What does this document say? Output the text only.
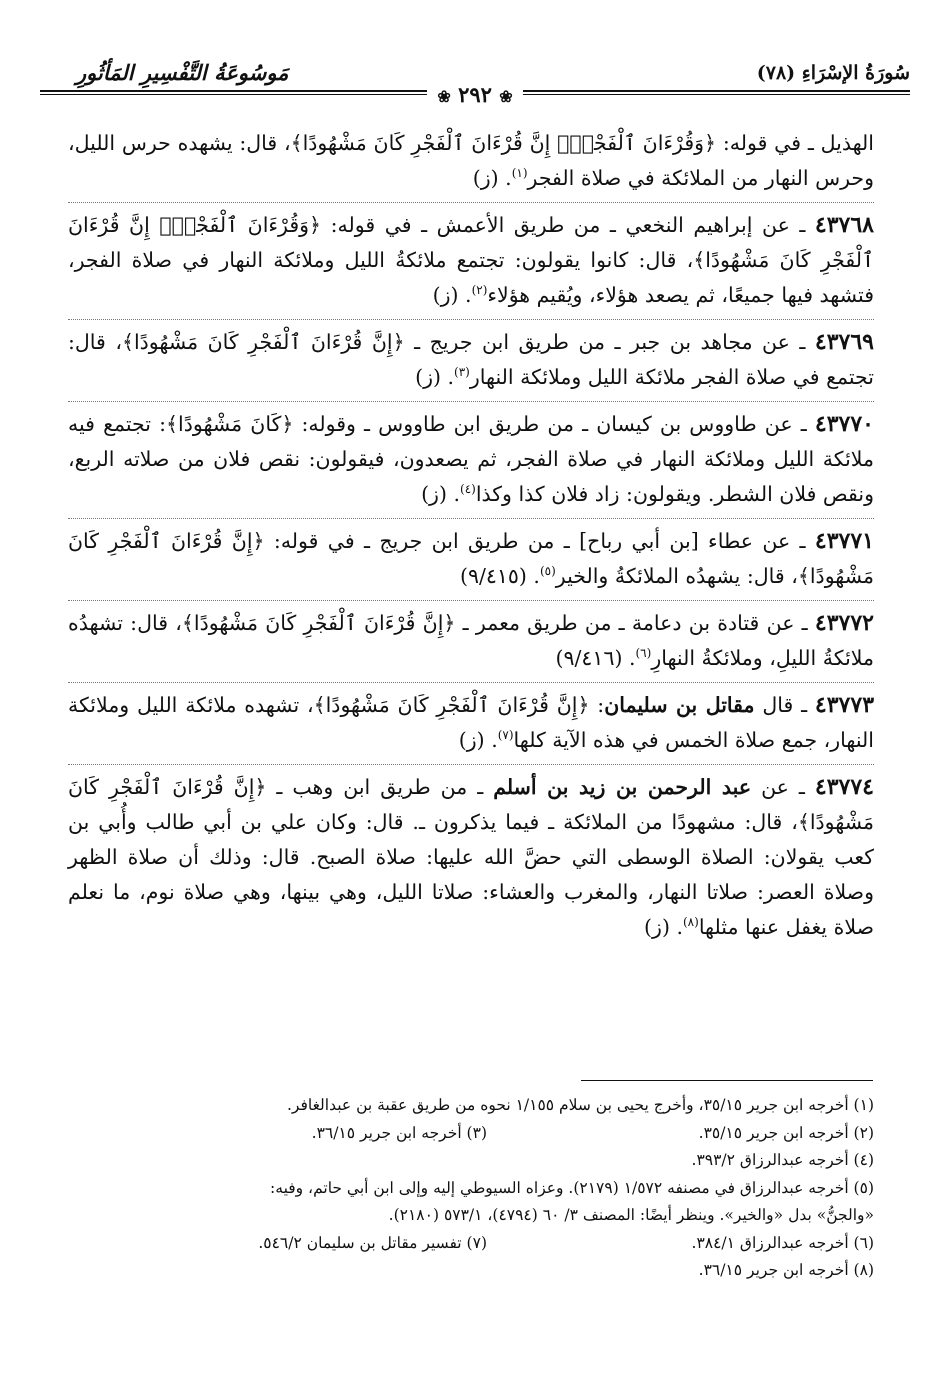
سُورَةُ الإسْرَاءِ (٧٨)
مَوسُوعَةُ التَّفْسِيرِ المَأثُورِ
❀ ٢٩٢ ❀

الهذيل ـ في قوله: ﴿وَقُرْءَانَ ٱلْفَجْرِۖ إِنَّ قُرْءَانَ ٱلْفَجْرِ كَانَ مَشْهُودًا﴾، قال: يشهده حرس الليل، وحرس النهار من الملائكة في صلاة الفجر$^{(١)}$. (ز)

٤٣٧٦٨ ـ عن إبراهيم النخعي ـ من طريق الأعمش ـ في قوله: ﴿وَقُرْءَانَ ٱلْفَجْرِۖ إِنَّ قُرْءَانَ ٱلْفَجْرِ كَانَ مَشْهُودًا﴾، قال: كانوا يقولون: تجتمع ملائكةُ الليل وملائكة النهار في صلاة الفجر، فتشهد فيها جميعًا، ثم يصعد هؤلاء، ويُقيم هؤلاء$^{(٢)}$. (ز)

٤٣٧٦٩ ـ عن مجاهد بن جبر ـ من طريق ابن جريج ـ ﴿إِنَّ قُرْءَانَ ٱلْفَجْرِ كَانَ مَشْهُودًا﴾، قال: تجتمع في صلاة الفجر ملائكة الليل وملائكة النهار$^{(٣)}$. (ز)

٤٣٧٧٠ ـ عن طاووس بن كيسان ـ من طريق ابن طاووس ـ وقوله: ﴿كَانَ مَشْهُودًا﴾: تجتمع فيه ملائكة الليل وملائكة النهار في صلاة الفجر، ثم يصعدون، فيقولون: نقص فلان من صلاته الربع، ونقص فلان الشطر. ويقولون: زاد فلان كذا وكذا$^{(٤)}$. (ز)

٤٣٧٧١ ـ عن عطاء [بن أبي رباح] ـ من طريق ابن جريج ـ في قوله: ﴿إِنَّ قُرْءَانَ ٱلْفَجْرِ كَانَ مَشْهُودًا﴾، قال: يشهدُه الملائكةُ والخير$^{(٥)}$. (٩/٤١٥)

٤٣٧٧٢ ـ عن قتادة بن دعامة ـ من طريق معمر ـ ﴿إِنَّ قُرْءَانَ ٱلْفَجْرِ كَانَ مَشْهُودًا﴾، قال: تشهدُه ملائكةُ الليلِ، وملائكةُ النهارِ$^{(٦)}$. (٩/٤١٦)

٤٣٧٧٣ ـ قال مقاتل بن سليمان: ﴿إِنَّ قُرْءَانَ ٱلْفَجْرِ كَانَ مَشْهُودًا﴾، تشهده ملائكة الليل وملائكة النهار، جمع صلاة الخمس في هذه الآية كلها$^{(٧)}$. (ز)

٤٣٧٧٤ ـ عن عبد الرحمن بن زيد بن أسلم ـ من طريق ابن وهب ـ ﴿إِنَّ قُرْءَانَ ٱلْفَجْرِ كَانَ مَشْهُودًا﴾، قال: مشهودًا من الملائكة ـ فيما يذكرون ـ. قال: وكان علي بن أبي طالب وأُبي بن كعب يقولان: الصلاة الوسطى التي حضَّ الله عليها: صلاة الصبح. قال: وذلك أن صلاة الظهر وصلاة العصر: صلاتا النهار، والمغرب والعشاء: صلاتا الليل، وهي بينها، وهي صلاة نوم، ما نعلم صلاة يغفل عنها مثلها$^{(٨)}$. (ز)

(١) أخرجه ابن جرير ٣٥/١٥، وأخرج يحيى بن سلام ١/١٥٥ نحوه من طريق عقبة بن عبدالغافر.
(٢) أخرجه ابن جرير ٣٥/١٥.(٣) أخرجه ابن جرير ٣٦/١٥.
(٤) أخرجه عبدالرزاق ٣٩٣/٢.
(٥) أخرجه عبدالرزاق في مصنفه ١/٥٧٢ (٢١٧٩). وعزاه السيوطي إليه وإلى ابن أبي حاتم، وفيه:
«والجنُّ» بدل «والخير». وينظر أيضًا: المصنف ٣/ ٦٠ (٤٧٩٤)، ٥٧٣/١ (٢١٨٠).
(٦) أخرجه عبدالرزاق ٣٨٤/١.(٧) تفسير مقاتل بن سليمان ٥٤٦/٢.
(٨) أخرجه ابن جرير ٣٦/١٥.
